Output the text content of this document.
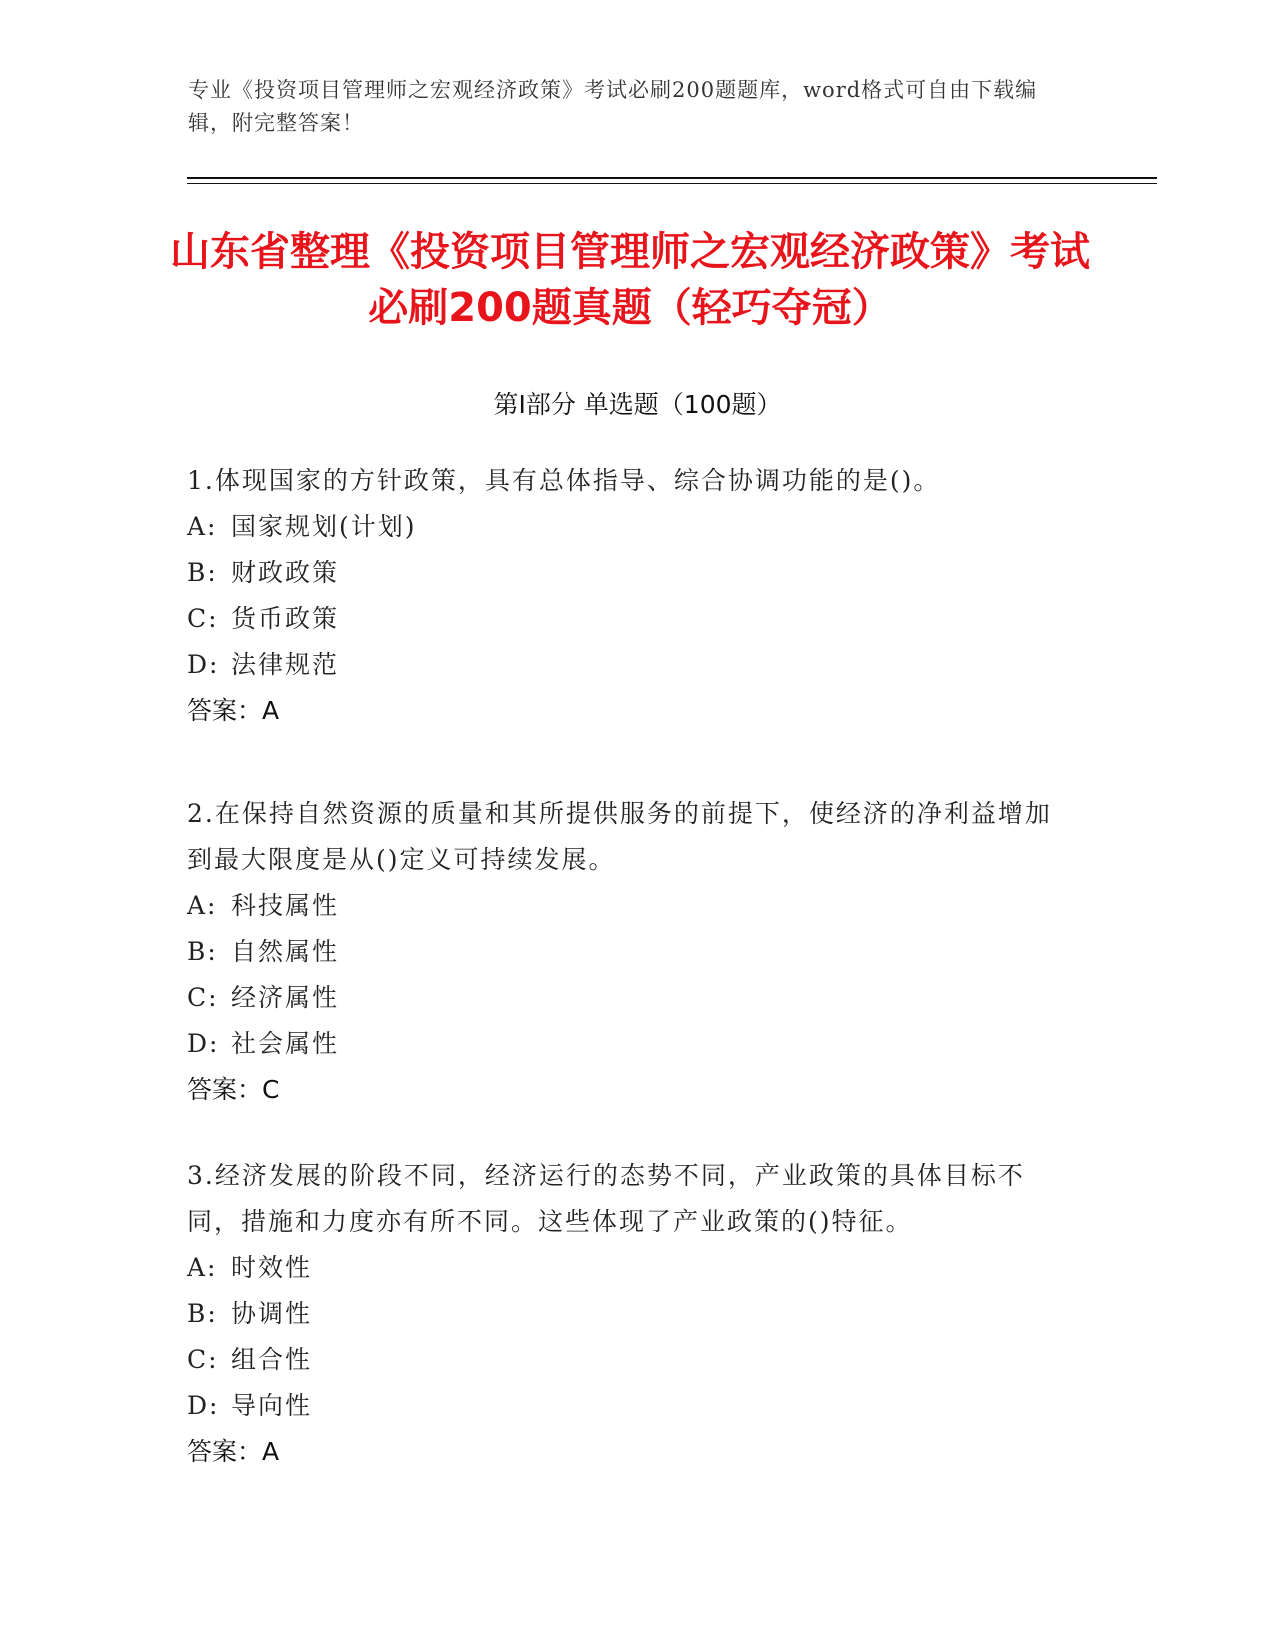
专业《投资项目管理师之宏观经济政策》考试必刷200题题库，word格式可自由下载编辑，附完整答案！
山东省整理《投资项目管理师之宏观经济政策》考试必刷200题真题（轻巧夺冠）
第Ⅰ部分 单选题（100题）
1.体现国家的方针政策，具有总体指导、综合协调功能的是()。
A: 国家规划(计划)
B: 财政政策
C: 货币政策
D: 法律规范
答案：A
2.在保持自然资源的质量和其所提供服务的前提下，使经济的净利益增加到最大限度是从()定义可持续发展。
A: 科技属性
B: 自然属性
C: 经济属性
D: 社会属性
答案：C
3.经济发展的阶段不同，经济运行的态势不同，产业政策的具体目标不同，措施和力度亦有所不同。这些体现了产业政策的()特征。
A: 时效性
B: 协调性
C: 组合性
D: 导向性
答案：A
